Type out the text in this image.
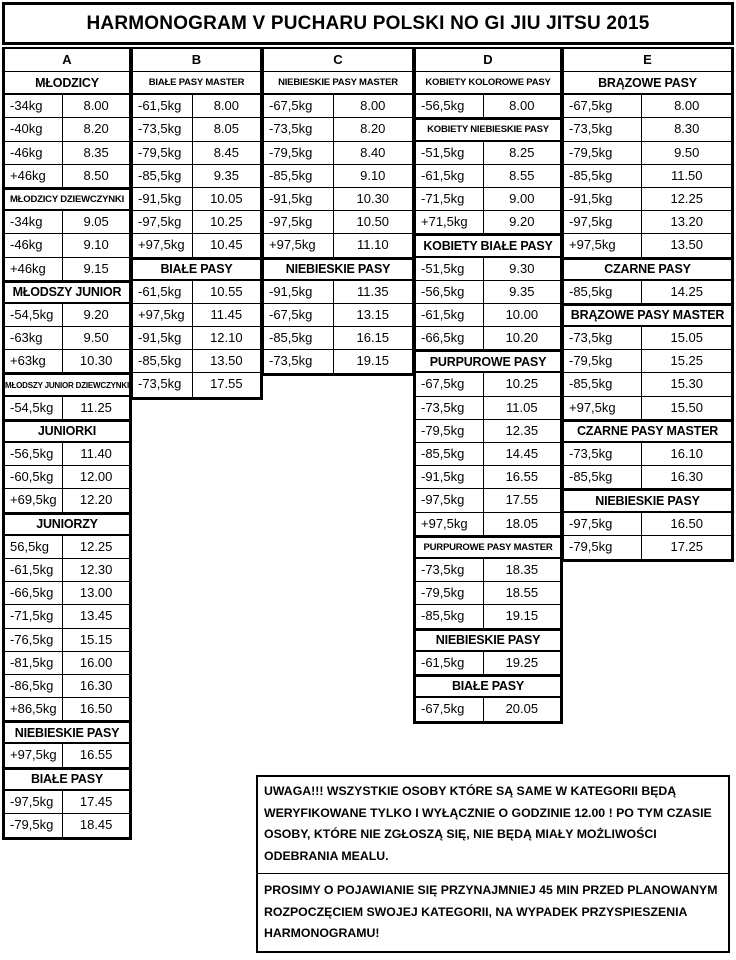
HARMONOGRAM V PUCHARU POLSKI NO GI JIU JITSU 2015
A
MŁODZICY
-34kg	8.00
-40kg	8.20
-46kg	8.35
+46kg	8.50
MŁODZICY DZIEWCZYNKI
-34kg	9.05
-46kg	9.10
+46kg	9.15
MŁODSZY JUNIOR
-54,5kg	9.20
-63kg	9.50
+63kg	10.30
MŁODSZY JUNIOR DZIEWCZYNKI
-54,5kg	11.25
JUNIORKI
-56,5kg	11.40
-60,5kg	12.00
+69,5kg	12.20
JUNIORZY
56,5kg	12.25
-61,5kg	12.30
-66,5kg	13.00
-71,5kg	13.45
-76,5kg	15.15
-81,5kg	16.00
-86,5kg	16.30
+86,5kg	16.50
NIEBIESKIE PASY
+97,5kg	16.55
BIAŁE PASY
-97,5kg	17.45
-79,5kg	18.45
B
BIAŁE PASY MASTER
-61,5kg	8.00
-73,5kg	8.05
-79,5kg	8.45
-85,5kg	9.35
-91,5kg	10.05
-97,5kg	10.25
+97,5kg	10.45
BIAŁE PASY
-61,5kg	10.55
+97,5kg	11.45
-91,5kg	12.10
-85,5kg	13.50
-73,5kg	17.55
C
NIEBIESKIE PASY MASTER
-67,5kg	8.00
-73,5kg	8.20
-79,5kg	8.40
-85,5kg	9.10
-91,5kg	10.30
-97,5kg	10.50
+97,5kg	11.10
NIEBIESKIE PASY
-91,5kg	11.35
-67,5kg	13.15
-85,5kg	16.15
-73,5kg	19.15
D
KOBIETY KOLOROWE PASY
-56,5kg	8.00
KOBIETY NIEBIESKIE PASY
-51,5kg	8.25
-61,5kg	8.55
-71,5kg	9.00
+71,5kg	9.20
KOBIETY BIAŁE PASY
-51,5kg	9.30
-56,5kg	9.35
-61,5kg	10.00
-66,5kg	10.20
PURPUROWE PASY
-67,5kg	10.25
-73,5kg	11.05
-79,5kg	12.35
-85,5kg	14.45
-91,5kg	16.55
-97,5kg	17.55
+97,5kg	18.05
PURPUROWE PASY MASTER
-73,5kg	18.35
-79,5kg	18.55
-85,5kg	19.15
NIEBIESKIE PASY
-61,5kg	19.25
BIAŁE PASY
-67,5kg	20.05
E
BRĄZOWE PASY
-67,5kg	8.00
-73,5kg	8.30
-79,5kg	9.50
-85,5kg	11.50
-91,5kg	12.25
-97,5kg	13.20
+97,5kg	13.50
CZARNE PASY
-85,5kg	14.25
BRĄZOWE PASY MASTER
-73,5kg	15.05
-79,5kg	15.25
-85,5kg	15.30
+97,5kg	15.50
CZARNE PASY MASTER
-73,5kg	16.10
-85,5kg	16.30
NIEBIESKIE PASY
-97,5kg	16.50
-79,5kg	17.25

UWAGA!!! WSZYSTKIE OSOBY KTÓRE SĄ SAME W KATEGORII BĘDĄ WERYFIKOWANE TYLKO I WYŁĄCZNIE O GODZINIE 12.00 ! PO TYM CZASIE OSOBY, KTÓRE NIE ZGŁOSZĄ SIĘ, NIE BĘDĄ MIAŁY MOŻLIWOŚCI ODEBRANIA MEALU.

PROSIMY O POJAWIANIE SIĘ PRZYNAJMNIEJ 45 MIN PRZED PLANOWANYM ROZPOCZĘCIEM SWOJEJ KATEGORII, NA WYPADEK PRZYSPIESZENIA HARMONOGRAMU!
